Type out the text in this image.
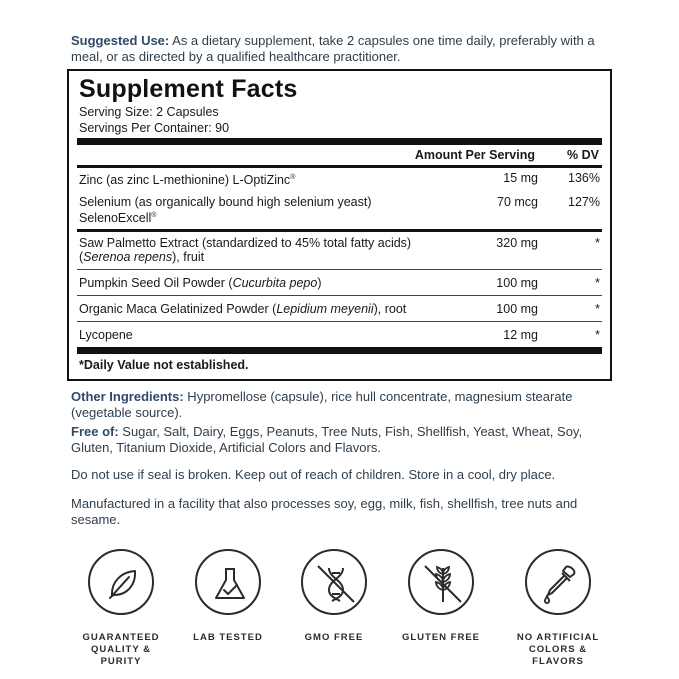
Suggested Use: As a dietary supplement, take 2 capsules one time daily, preferably with a meal, or as directed by a qualified healthcare practitioner.
Supplement Facts
Serving Size: 2 Capsules
Servings Per Container: 90
Amount Per Serving	% DV
Zinc (as zinc L-methionine) L-OptiZinc®	15 mg 136%
Selenium (as organically bound high selenium yeast)
SelenoExcell®
70 mcg 127%
Saw Palmetto Extract (standardized to 45% total fatty acids)
(Serenoa repens), fruit
320 mg	*
Pumpkin Seed Oil Powder (Cucurbita pepo)	100 mg	*
Organic Maca Gelatinized Powder (Lepidium meyenii), root	100 mg	*
Lycopene	12 mg	*
*Daily Value not established.
Other Ingredients: Hypromellose (capsule), rice hull concentrate, magnesium stearate (vegetable source).
Free of: Sugar, Salt, Dairy, Eggs, Peanuts, Tree Nuts, Fish, Shellfish, Yeast, Wheat, Soy, Gluten, Titanium Dioxide, Artificial Colors and Flavors.
Do not use if seal is broken. Keep out of reach of children. Store in a cool, dry place.
Manufactured in a facility that also processes soy, egg, milk, fish, shellfish, tree nuts and sesame.
GUARANTEED
QUALITY & PURITY
LAB TESTED	GMO FREE	GLUTEN FREE	NO ARTIFICIAL
COLORS & FLAVORS
